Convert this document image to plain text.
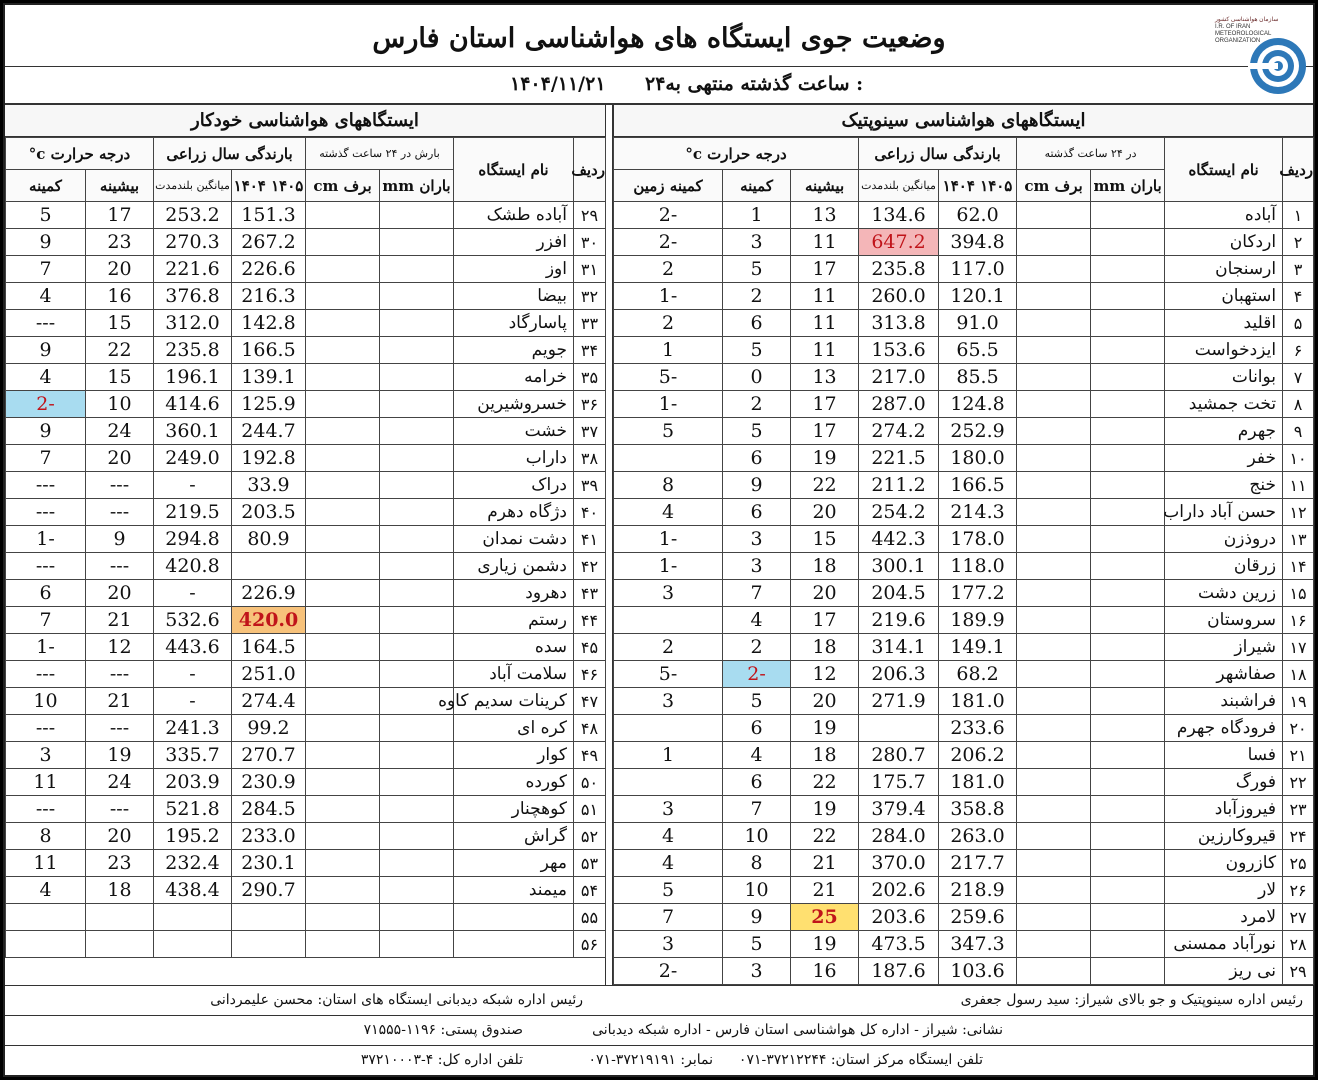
وضعیت جوی ایستگاه های هواشناسی استان فارس
سازمان هواشناسی کشور
I.R. OF IRAN
METEOROLOGICAL
ORGANIZATION
۲۴ساعت گذشته منتهی به :
۱۴۰۴/۱۱/۲۱
ایستگاههای هواشناسی سینوپتیک
ایستگاههای هواشناسی خودکار
ردیف	نام ایستگاه	در ۲۴ ساعت گذشته		بارندگی سال زراعی		درجه حرارت c°		
		باران mm	برف cm	۱۴۰۵ ۱۴۰۴	میانگین بلندمدت	بیشینه	کمینه	کمینه زمین
۱	آباده			62.0	134.6	13	1	-2
۲	اردکان			394.8	647.2	11	3	-2
۳	ارسنجان			117.0	235.8	17	5	2
۴	استهبان			120.1	260.0	11	2	-1
۵	اقلید			91.0	313.8	11	6	2
۶	ایزدخواست			65.5	153.6	11	5	1
۷	بوانات			85.5	217.0	13	0	-5
۸	تخت جمشید			124.8	287.0	17	2	-1
۹	جهرم			252.9	274.2	17	5	5
۱۰	خفر			180.0	221.5	19	6	
۱۱	خنج			166.5	211.2	22	9	8
۱۲	حسن آباد داراب			214.3	254.2	20	6	4
۱۳	دروذزن			178.0	442.3	15	3	-1
۱۴	زرقان			118.0	300.1	18	3	-1
۱۵	زرین دشت			177.2	204.5	20	7	3
۱۶	سروستان			189.9	219.6	17	4	
۱۷	شیراز			149.1	314.1	18	2	2
۱۸	صفاشهر			68.2	206.3	12	-2	-5
۱۹	فراشبند			181.0	271.9	20	5	3
۲۰	فرودگاه جهرم			233.6		19	6	
۲۱	فسا			206.2	280.7	18	4	1
۲۲	فورگ			181.0	175.7	22	6	
۲۳	فیروزآباد			358.8	379.4	19	7	3
۲۴	قیروکارزین			263.0	284.0	22	10	4
۲۵	کازرون			217.7	370.0	21	8	4
۲۶	لار			218.9	202.6	21	10	5
۲۷	لامرد			259.6	203.6	25	9	7
۲۸	نورآباد ممسنی			347.3	473.5	19	5	3
۲۹	نی ریز			103.6	187.6	16	3	-2
ردیف	نام ایستگاه	بارش در ۲۴ ساعت گذشته		بارندگی سال زراعی		درجه حرارت c°	
		باران mm	برف cm	۱۴۰۵ ۱۴۰۴	میانگین بلندمدت	بیشینه	کمینه
۲۹	آباده طشک			151.3	253.2	17	5
۳۰	افزر			267.2	270.3	23	9
۳۱	اوز			226.6	221.6	20	7
۳۲	بیضا			216.3	376.8	16	4
۳۳	پاسارگاد			142.8	312.0	15	---
۳۴	جویم			166.5	235.8	22	9
۳۵	خرامه			139.1	196.1	15	4
۳۶	خسروشیرین			125.9	414.6	10	-2
۳۷	خشت			244.7	360.1	24	9
۳۸	داراب			192.8	249.0	20	7
۳۹	دراک			33.9	-	---	---
۴۰	دژگاه دهرم			203.5	219.5	---	---
۴۱	دشت نمدان			80.9	294.8	9	-1
۴۲	دشمن زیاری				420.8	---	---
۴۳	دهرود			226.9	-	20	6
۴۴	رستم			420.0	532.6	21	7
۴۵	سده			164.5	443.6	12	-1
۴۶	سلامت آباد			251.0	-	---	---
۴۷	کرینات سدیم کاوه			274.4	-	21	10
۴۸	کره ای			99.2	241.3	---	---
۴۹	کوار			270.7	335.7	19	3
۵۰	کورده			230.9	203.9	24	11
۵۱	کوهچنار			284.5	521.8	---	---
۵۲	گراش			233.0	195.2	20	8
۵۳	مهر			230.1	232.4	23	11
۵۴	میمند			290.7	438.4	18	4
۵۵							
۵۶							
رئیس اداره سینوپتیک و جو بالای شیراز: سید رسول جعفری
رئیس اداره شبکه دیدبانی ایستگاه های استان: محسن علیمردانی
نشانی: شیراز - اداره کل هواشناسی استان فارس - اداره شبکه دیدبانی
صندوق پستی: ۱۱۹۶-۷۱۵۵۵
تلفن ایستگاه مرکز استان: ۳۷۲۱۲۲۴۴-۰۷۱
نمابر: ۳۷۲۱۹۱۹۱-۰۷۱
تلفن اداره کل: ۴-۳۷۲۱۰۰۰۳
